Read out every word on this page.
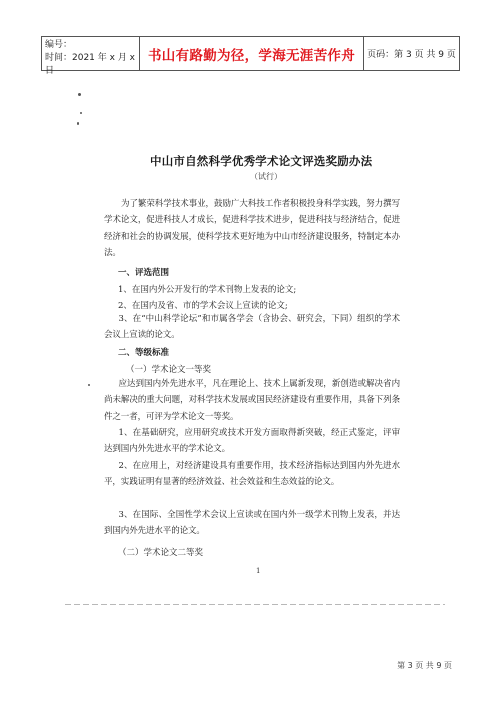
编号：
时间：2021 年 x 月 x 日
书山有路勤为径，学海无涯苦作舟 页码：第 3 页 共 9 页
中山市自然科学优秀学术论文评选奖励办法
（试行）
为了繁荣科学技术事业，鼓励广大科技工作者积极投身科学实践，努力撰写学术论文，促进科技人才成长，促进科学技术进步，促进科技与经济结合，促进经济和社会的协调发展，使科学技术更好地为中山市经济建设服务，特制定本办法。
一、评选范围
1、在国内外公开发行的学术刊物上发表的论文;
2、在国内及省、市的学术会议上宣读的论文;
3、在“中山科学论坛”和市属各学会（含协会、研究会，下同）组织的学术会议上宣读的论文。
二、等级标准
（一）学术论文一等奖
应达到国内外先进水平，凡在理论上、技术上属新发现，新创造或解决省内尚未解决的重大问题，对科学技术发展或国民经济建设有重要作用，具备下列条件之一者，可评为学术论文一等奖。
1、在基础研究，应用研究或技术开发方面取得新突破，经正式鉴定，评审达到国内外先进水平的学术论文。
2、在应用上，对经济建设具有重要作用，技术经济指标达到国内外先进水平，实践证明有显著的经济效益、社会效益和生态效益的论文。
3、在国际、全国性学术会议上宣读或在国内外一级学术刊物上发表，并达到国内外先进水平的论文。
（二）学术论文二等奖
1
第 3 页 共 9 页
